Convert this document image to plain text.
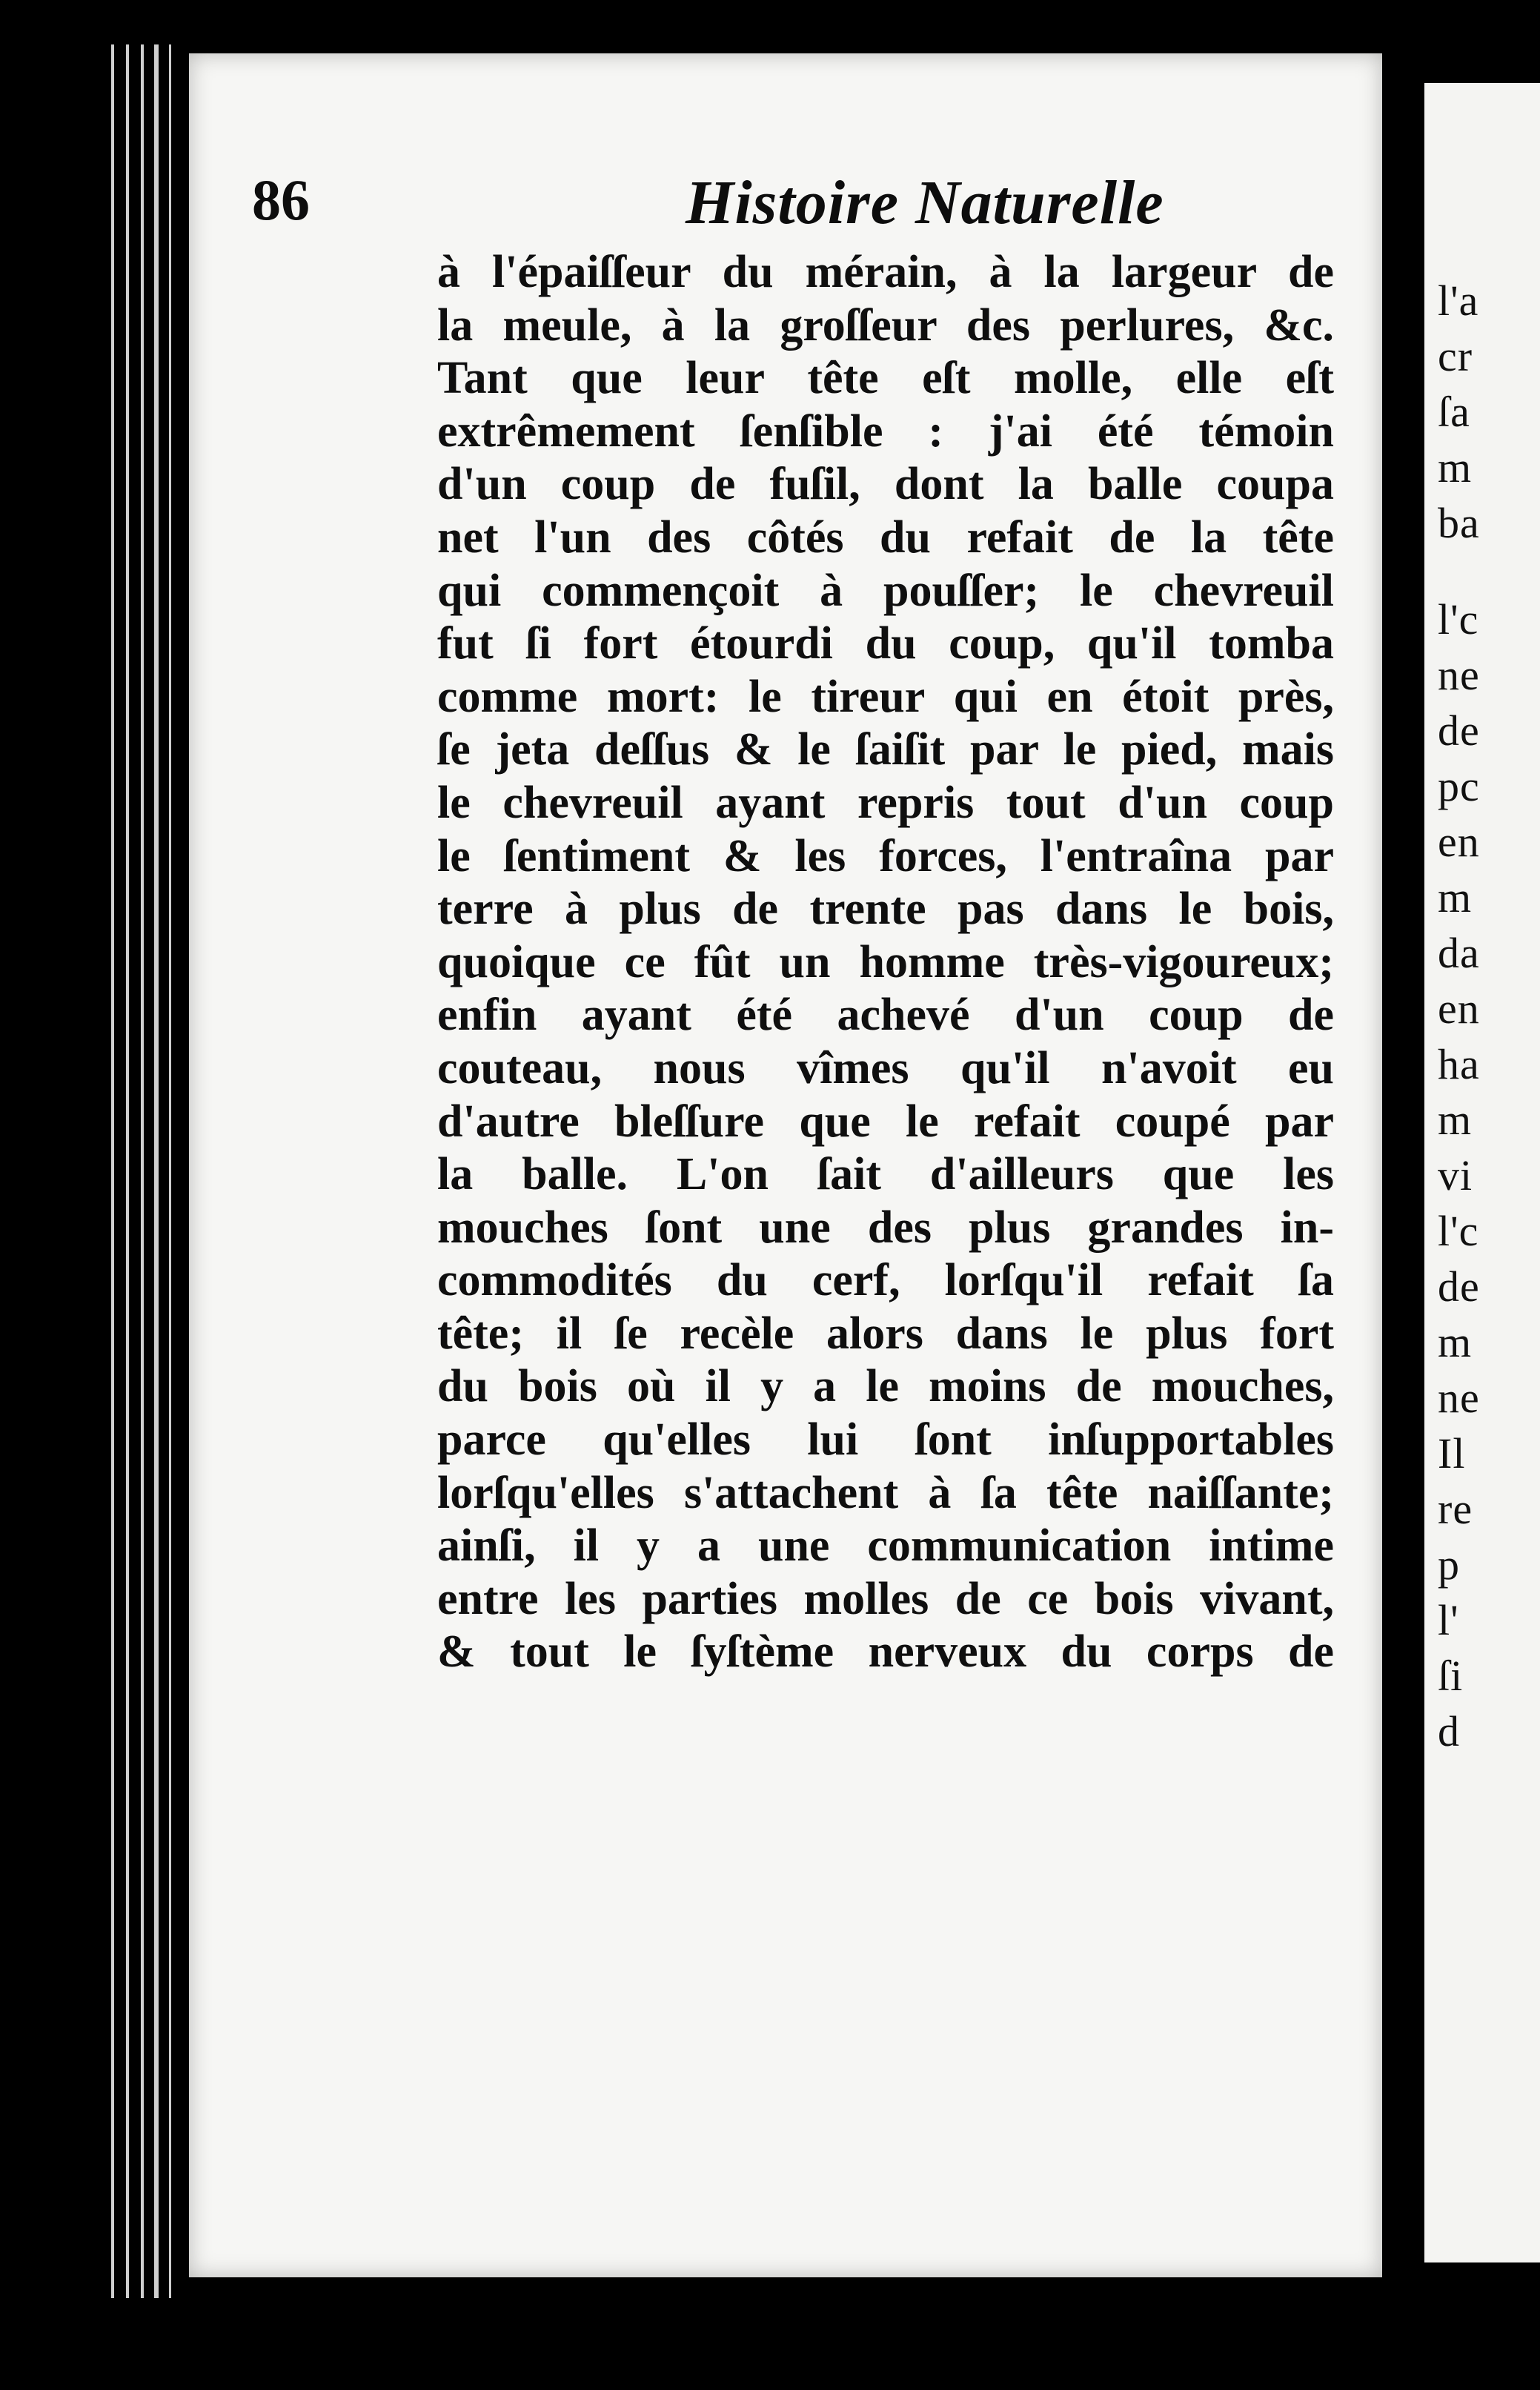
86	Histoire Naturelle
à l'épaiſſeur du mérain, à la largeur de
la meule, à la groſſeur des perlures, &c.
Tant que leur tête eſt molle, elle eſt
extrêmement ſenſible : j'ai été témoin
d'un coup de fuſil, dont la balle coupa
net l'un des côtés du refait de la tête
qui commençoit à pouſſer; le chevreuil
fut ſi fort étourdi du coup, qu'il tomba
comme mort: le tireur qui en étoit près,
ſe jeta deſſus & le ſaiſit par le pied, mais
le chevreuil ayant repris tout d'un coup
le ſentiment & les forces, l'entraîna par
terre à plus de trente pas dans le bois,
quoique ce fût un homme très-vigoureux;
enfin ayant été achevé d'un coup de
couteau, nous vîmes qu'il n'avoit eu
d'autre bleſſure que le refait coupé par
la balle. L'on ſait d'ailleurs que les
mouches ſont une des plus grandes in-
commodités du cerf, lorſqu'il refait ſa
tête; il ſe recèle alors dans le plus fort
du bois où il y a le moins de mouches,
parce qu'elles lui ſont inſupportables
lorſqu'elles s'attachent à ſa tête naiſſante;
ainſi, il y a une communication intime
entre les parties molles de ce bois vivant,
& tout le ſyſtème nerveux du corps de
l'a
cr
ſa
m
ba
l'c
ne
de
pc
en
m
da
en
ha
m
vi
l'c
de
m
ne
Il
re
p
l'
ſi
d
